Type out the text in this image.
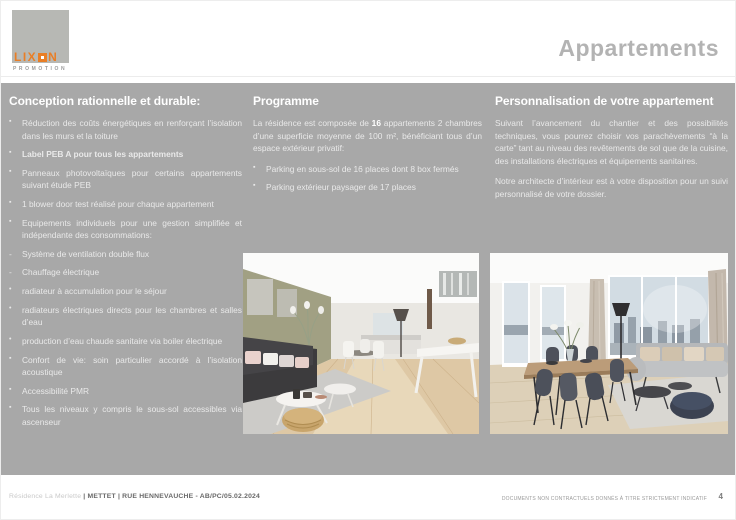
LIX N
PROMOTION
Appartements
Conception rationnelle et durable:
▪ Réduction des coûts énergétiques en renforçant l’isolation dans les murs et la toiture
▪ Label PEB A pour tous les appartements
▪ Panneaux photovoltaïques pour certains appartements suivant étude PEB
▪ 1 blower door test réalisé pour chaque appartement
▪ Equipements individuels pour une gestion simplifiée et indépendante des consommations:
- Système de ventilation double flux
- Chauffage électrique
• radiateur à accumulation pour le séjour
• radiateurs électriques directs pour les chambres et salles d’eau
• production d’eau chaude sanitaire via boiler électrique
▪ Confort de vie: soin particulier accordé à l’isolation acoustique
▪ Accessibilité PMR
▪ Tous les niveaux y compris le sous-sol accessibles via ascenseur
Programme

La résidence est composée de 16 appartements 2 chambres d’une superficie moyenne de 100 m², bénéficiant tous d’un espace extérieur privatif:

▪ Parking en sous-sol de 16 places dont 8 box fermés
▪ Parking extérieur paysager de 17 places
Personnalisation de votre appartement

Suivant l’avancement du chantier et des possibilités techniques, vous pourrez choisir vos parachèvements “à la carte” tant au niveau des revêtements de sol que de la cuisine, des installations électriques et équipements sanitaires.

Notre architecte d’intérieur est à votre disposition pour un suivi personnalisé de votre dossier.

Résidence La Merlette | METTET | RUE HENNEVAUCHE - AB/PC/05.02.2024	DOCUMENTS NON CONTRACTUELS DONNÉS À TITRE STRICTEMENT INDICATIF 4
